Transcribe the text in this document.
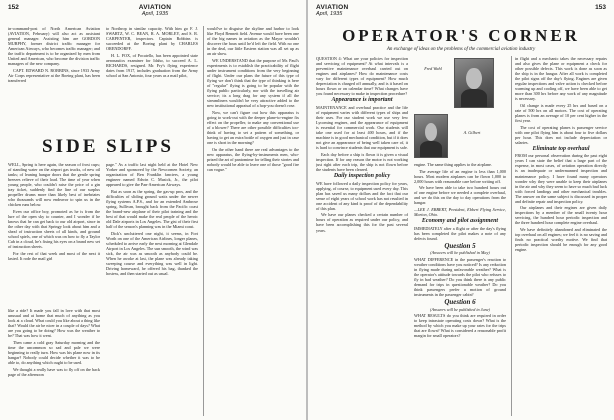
152	AVIATION
April, 1935

in-command-post of North American Aviation (AVIATION, February) will also act as assistant general manager. Assisting him are GORDON MURPHY, former district traffic manager for American Airways, who becomes traffic manager; and the traffic department is to be organized by men from United and American, who become the division traffic managers of the new company.

CAPT. EDWARD N. ROBBINS, since 1933 Army Air Corps representative at the Boeing plant, has been transferred

to Northrop in similar capacity. With him go F. J. SWARTZ, W. C. BEAN, R. A. MORLEY, and S. R. CARPENTER, inspectors. Captain Robbins is succeeded at the Boeing plant by CHARLES ORENDORFF.

H. L. FOX, of Pocatello, has been appointed state aeronautics examiner for Idaho, to succeed A. L. RICHARDS, resigned. Mr. Fry's flying experience dates from 1917, includes graduation from the Army school at San Antonio, four years as a mail pilot,

SIDE SLIPS

WELL, Spring is here again, the season of frost cups; of standing water on the airport gas trucks, of new oil tanks; of leaning hangar doors that the gentle spring breezes relieve of their load. The time of year when young people, who couldn't raise the price of a gin tray ticket, suddenly find the line of our surplus propeller drums more than likely best of inebriates who thousands will now endeavor to spin us in the chicken runs below.

Even our office boy, promoted as he is from the lure of the open sky to counter, and I wonder if he knows that he can get back to our old airport, since in the other day with that Springy look about him and a sheaf of instruction sheets of all kinds, and ground school spiels, one of which was on how to fly a Taylor Cub in a cloud, he's fixing his eyes on a brand new set of instruction sheets.

For the rest of that week and most of the next it lasted. It rode the mail girl

like a ride? It made you fall in love with that most unusual and at home that much of anything as you look at a cloud. What could you like about a thing like that? Would the air be nicer in a couple of days? What are you going to be doing? How was the weather to be? That was how it went.

Then came a cold gray Saturday morning and the time the uncommon so sad and pale we were beginning to really turn. How was his plane now in its hangar? Nobody could decide whether it was to be able to, do anything which ought to be used.

We thought a really have was to fly off on the back page of the afternoon

page." As a traffic last night held at the Hotel New Yorker and sponsored by the Newcomen Society, an organization of Ben Franklin fanciers, a young engineer named Edwin C. Musick, Jr., the pilot appeared to give the Pan-American Airways.

But as soon as the spring, the gas-up pros, and the difficulties of sliding ground waits under the newer flying systems A.P.S., and for an extended Ambrose spring, Sullivan, brought back from the Pacific coast the brand-new airplane of their pilot training and the best of that would make the real people of the heroic old Dale airports in Los Angeles. The gist of their first half of the season's planning was in the Miami coast.

Dick's uncluttered one night, it seems, in Fort Worth on one of the American Airlines, longer planes, scheduled to arrive early the next morning at Glendale Airport in Los Angeles. The sun smooth, the wind was sick, the air was as smooth as anybody could be. When he awoke at last, the plane was already taking sweeping course and everything was well in light. Driving homeward, he offered his bag, thanked the hostess, and then started out as usual.

would've to disguise the skyline and harbor to look like Floyd Bennett field. Avenue would have been one of the big names in aviation as the Mayor wouldn't discover the hoax until he'd left the field. With no one in the deal, our little Eastern station was all set up as an air show.

WE UNDERSTAND that the purpose of Mr. Paul's experiments is to establish the practicability of flight under instrument conditions from the very beginning of flight. Under our plans the future of this type of flying we don't think that the type of thinking is here of "regular" flying is going to be popular with the flying public particularly, nor with the travelling air service; its a long drag for any system if all the streamliners wouldn't be very attractive added to the new institutional appraisal of a hop-you doesn't rose.

Now, we can't figure out how this apparatus is going to work-out with the deeper plane-to-engine fix effect on the propeller, to make any conventional use of a blower? There are other possible difficulties too-think of having to set a pattern of something, or having to get an extra bottle of oxygen and just in case one is short in the morning?

On the other hand there are real advantages to the new apparatus, the flying-by-instruments men, who-prized the art of pantomime for telling their stories and nobody would be able to leave one of those "good fire can vogue."

AVIATION
April, 1935
153
OPERATOR'S CORNER
An exchange of ideas on the problems of the commercial aviation industry

QUESTION 4: What are your policies for inspection and servicing of equipment? At what intervals is a preventive maintenance overhaul carried out on engines and airplanes? How do maintenance costs vary for different types of equipment? How much depreciation is charged off annually, and is it based on hours flown or on calendar time? What changes have you found necessary to make in inspection procedure?

Appearance is important

MAINTENANCE and overhaul practice and the life of equipment varies with different types of ships and their uses. For our student work we use very few Lycoming engines, and the appearance of equipment is essential for commercial work. Our students will take one used for at least 400 hours, and if the machine is in good mechanical condition, but if it does not give an appearance of being well taken care of, it is hard to convince students that our equipment is safe.

Each day before a ship is flown it is given a visual inspection. If for any reason the motor is not working just right after each trip, the ship is not flown before the students have been cleared.

Daily inspection policy

WE have followed a daily inspection policy for years, applying, of course, to equipment used every day. This plan has saved us many dollars and the fact that our sense of eight years of school work has not resulted in one accident of any kind is proof of the dependability of this plan.

We have our planes checked a certain number of hours of operation as required under our policy, and have been accomplishing this for the past several years.

Fred Wahl
A. Gilbert

engine. The same thing applies to the airplane.

The average life of an engine is less than 1,000 hours. Most modern airplanes can be flown 1,000 to 2,000 hours with reasonable care before writing off.

We have been able to take two hundred hours out of one engine before we needed a complete overhaul, and we do this on the day to day operations from the hangar.

—LEE J. EBBERT, President, Ebbert Flying Service, Marion, Ohio.

Economy and pilot assignment

IMMEDIATELY after a flight or after the day's flying has been completed the pilot makes a note of any defects found.

Question 5

(Answers will be published in May)

WHAT DIFFERENCE in the passenger's reaction to weather conditions have you noticed? Is any reduction in flying made during unfavorable weather? What is the operator's attitude towards the pilot who refuses to fly in bad weather? Do you think there is any public demand for trips in questionable weather? Do you think passengers prefer a motion of ground instruments in the passenger cabin?

Question 6

(Answers will be published in June)

WHAT RESULTS do you think are required in order to keep intrastate operating costs down? What is the method by which you make up your rates for the trips that are flown? What is considered a reasonable profit margin for small operators?

in flight and a mechanic takes the necessary repairs and also gives the plane or equipment a check for other possible defects. This work is done as soon as the ship is in the hangar. After all work is completed the pilot signs off the day's flying. Engines are given regular inspections and valve action is checked before warming up and cooling off, we have been able to get more than 300 hrs before any work of any magnitude is necessary.

Oil change is made every 25 hrs and based on a rate of 500 hrs on all motors. The cost of operating planes is from an average of 10 per cent higher in the first year.

The cost of operating planes is passenger service with one pilot flying him is about four to five dollars per hour. This does not include depreciation or salaries.

Eliminate top overhaul

FROM our personal observation during the past eight years I can state the belief that a large part of the expense, in most cases, of aviation operation directly is an inadequate or undermanned inspection and maintenance policy. I have found many operators wonder why they were unable to keep their airplanes in the air and why they seem to have so much bad luck with forced landings and other mechanical troubles. The answer on the same subject is discussed in proper and definite repair and inspection policy.

Our airplanes and their engines are given daily inspections by a member of the small twenty hour servicing, the hundred hour periodic inspection and the three hundred hour complete engine overhaul.

We have definitely abandoned and eliminated the top overhaul on all engines; we feel it is no saving and finds no practical worthy motive. We find that periodic inspection should be enough for any good engine.
